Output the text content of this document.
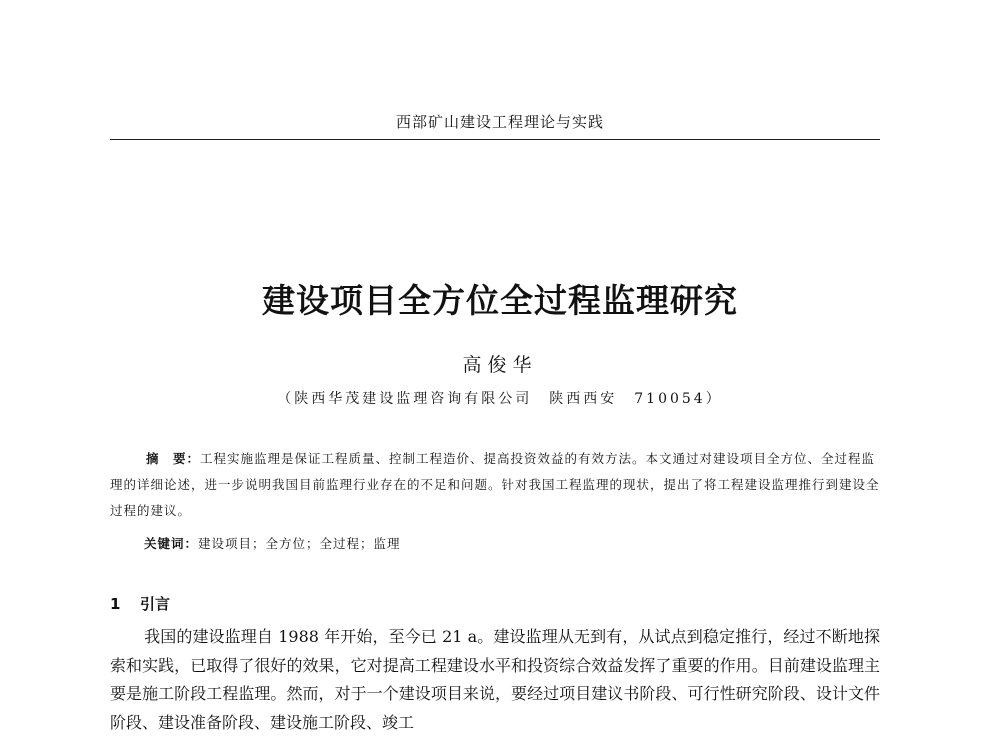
西部矿山建设工程理论与实践
建设项目全方位全过程监理研究
高俊华
（陕西华茂建设监理咨询有限公司　陕西西安　710054）
摘　要：工程实施监理是保证工程质量、控制工程造价、提高投资效益的有效方法。本文通过对建设项目全方位、全过程监理的详细论述，进一步说明我国目前监理行业存在的不足和问题。针对我国工程监理的现状，提出了将工程建设监理推行到建设全过程的建议。
关键词：建设项目；全方位；全过程；监理
1 引言
我国的建设监理自 1988 年开始，至今已 21 a。建设监理从无到有，从试点到稳定推行，经过不断地探索和实践，已取得了很好的效果，它对提高工程建设水平和投资综合效益发挥了重要的作用。目前建设监理主要是施工阶段工程监理。然而，对于一个建设项目来说，要经过项目建议书阶段、可行性研究阶段、设计文件阶段、建设准备阶段、建设施工阶段、竣工
